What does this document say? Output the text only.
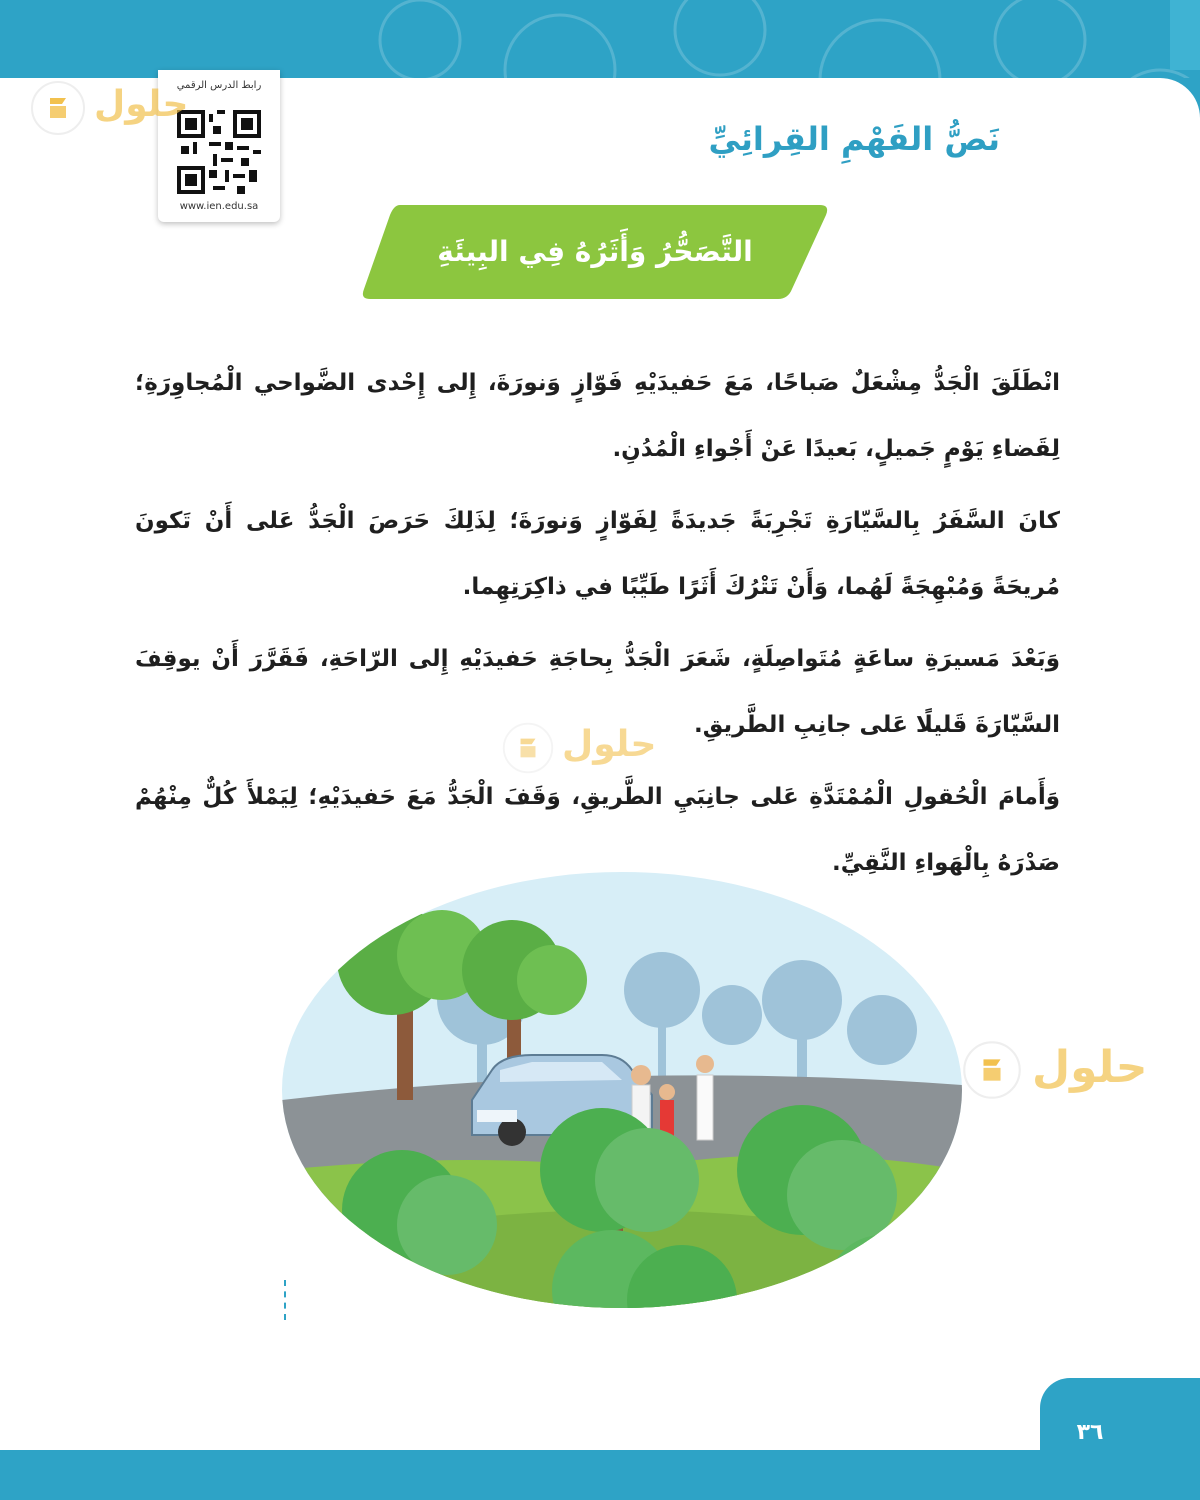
رابط الدرس الرقمي
www.ien.edu.sa
حلول
حلول
حلول
نَصُّ الفَهْمِ القِرائِيِّ
التَّصَحُّرُ وَأَثَرُهُ فِي البِيئَةِ

انْطَلَقَ الْجَدُّ مِشْعَلٌ صَباحًا، مَعَ حَفيدَيْهِ فَوّازٍ وَنورَةَ، إِلى إِحْدى الضَّواحي الْمُجاوِرَةِ؛ لِقَضاءِ يَوْمٍ جَميلٍ، بَعيدًا عَنْ أَجْواءِ الْمُدُنِ.

كانَ السَّفَرُ بِالسَّيّارَةِ تَجْرِبَةً جَديدَةً لِفَوّازٍ وَنورَةَ؛ لِذَلِكَ حَرَصَ الْجَدُّ عَلى أَنْ تَكونَ مُريحَةً وَمُبْهِجَةً لَهُما، وَأَنْ تَتْرُكَ أَثَرًا طَيِّبًا في ذاكِرَتِهِما.

وَبَعْدَ مَسيرَةِ ساعَةٍ مُتَواصِلَةٍ، شَعَرَ الْجَدُّ بِحاجَةِ حَفيدَيْهِ إِلى الرّاحَةِ، فَقَرَّرَ أَنْ يوقِفَ السَّيّارَةَ قَليلًا عَلى جانِبِ الطَّريقِ.

وَأَمامَ الْحُقولِ الْمُمْتَدَّةِ عَلى جانِبَيِ الطَّريقِ، وَقَفَ الْجَدُّ مَعَ حَفيدَيْهِ؛ لِيَمْلأَ كُلٌّ مِنْهُمْ صَدْرَهُ بِالْهَواءِ النَّقِيِّ.

٣٦
